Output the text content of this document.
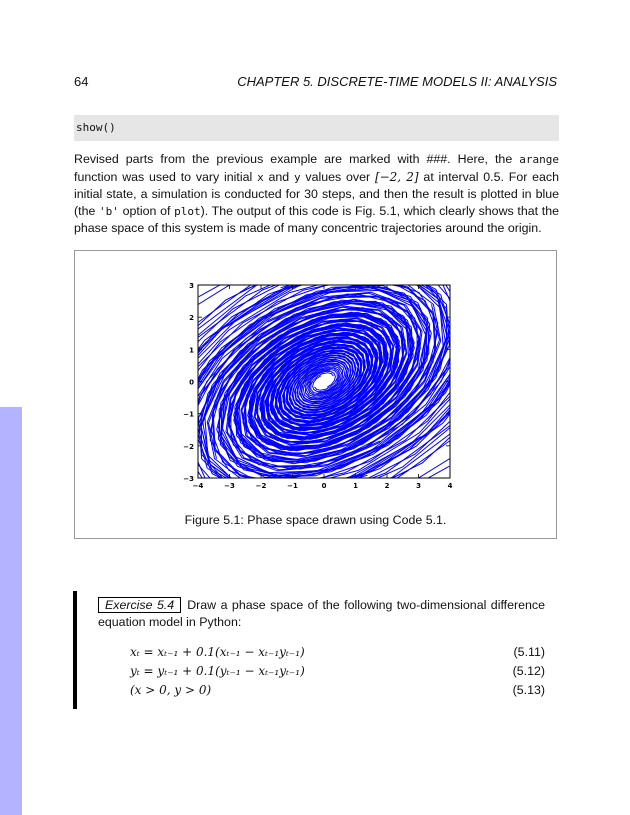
64	CHAPTER 5. DISCRETE-TIME MODELS II: ANALYSIS
show()
Revised parts from the previous example are marked with ###. Here, the arange function was used to vary initial x and y values over [−2, 2] at interval 0.5. For each initial state, a simulation is conducted for 30 steps, and then the result is plotted in blue (the 'b' option of plot). The output of this code is Fig. 5.1, which clearly shows that the phase space of this system is made of many concentric trajectories around the origin.
−4	−3	−2	−1	0	1	2	3	4
3
2
1
0
−1
−2
−3
Figure 5.1: Phase space drawn using Code 5.1.
Exercise 5.4 Draw a phase space of the following two-dimensional difference equation model in Python:
xₜ = xₜ₋₁ + 0.1(xₜ₋₁ − xₜ₋₁yₜ₋₁)	(5.11)
yₜ = yₜ₋₁ + 0.1(yₜ₋₁ − xₜ₋₁yₜ₋₁)	(5.12)
(x > 0, y > 0)	(5.13)
